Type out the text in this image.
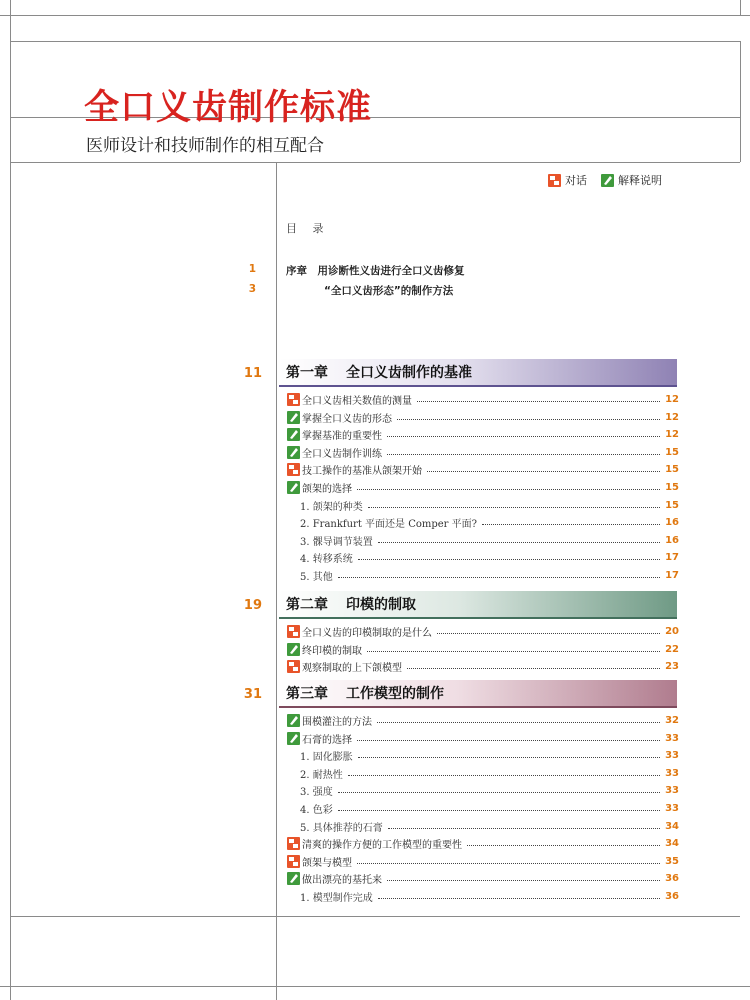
全口义齿制作标准
医师设计和技师制作的相互配合
对话	解释说明
目 录
1	序章　用诊断性义齿进行全口义齿修复
3	“全口义齿形态”的制作方法
11 第一章 全口义齿制作的基准
全口义齿相关数值的测量	12
掌握全口义齿的形态	12
掌握基准的重要性	12
全口义齿制作训练	15
技工操作的基准从颌架开始	15
颌架的选择	15
1. 颌架的种类	15
2. Frankfurt 平面还是 Comper 平面?	16
3. 髁导调节装置	16
4. 转移系统	17
5. 其他	17
19 第二章 印模的制取
全口义齿的印模制取的是什么	20
终印模的制取	22
观察制取的上下颌模型	23
31 第三章 工作模型的制作
围模灌注的方法	32
石膏的选择	33
1. 固化膨胀	33
2. 耐热性	33
3. 强度	33
4. 色彩	33
5. 具体推荐的石膏	34
清爽的操作方便的工作模型的重要性	34
颌架与模型	35
做出漂亮的基托来	36
1. 模型制作完成	36
